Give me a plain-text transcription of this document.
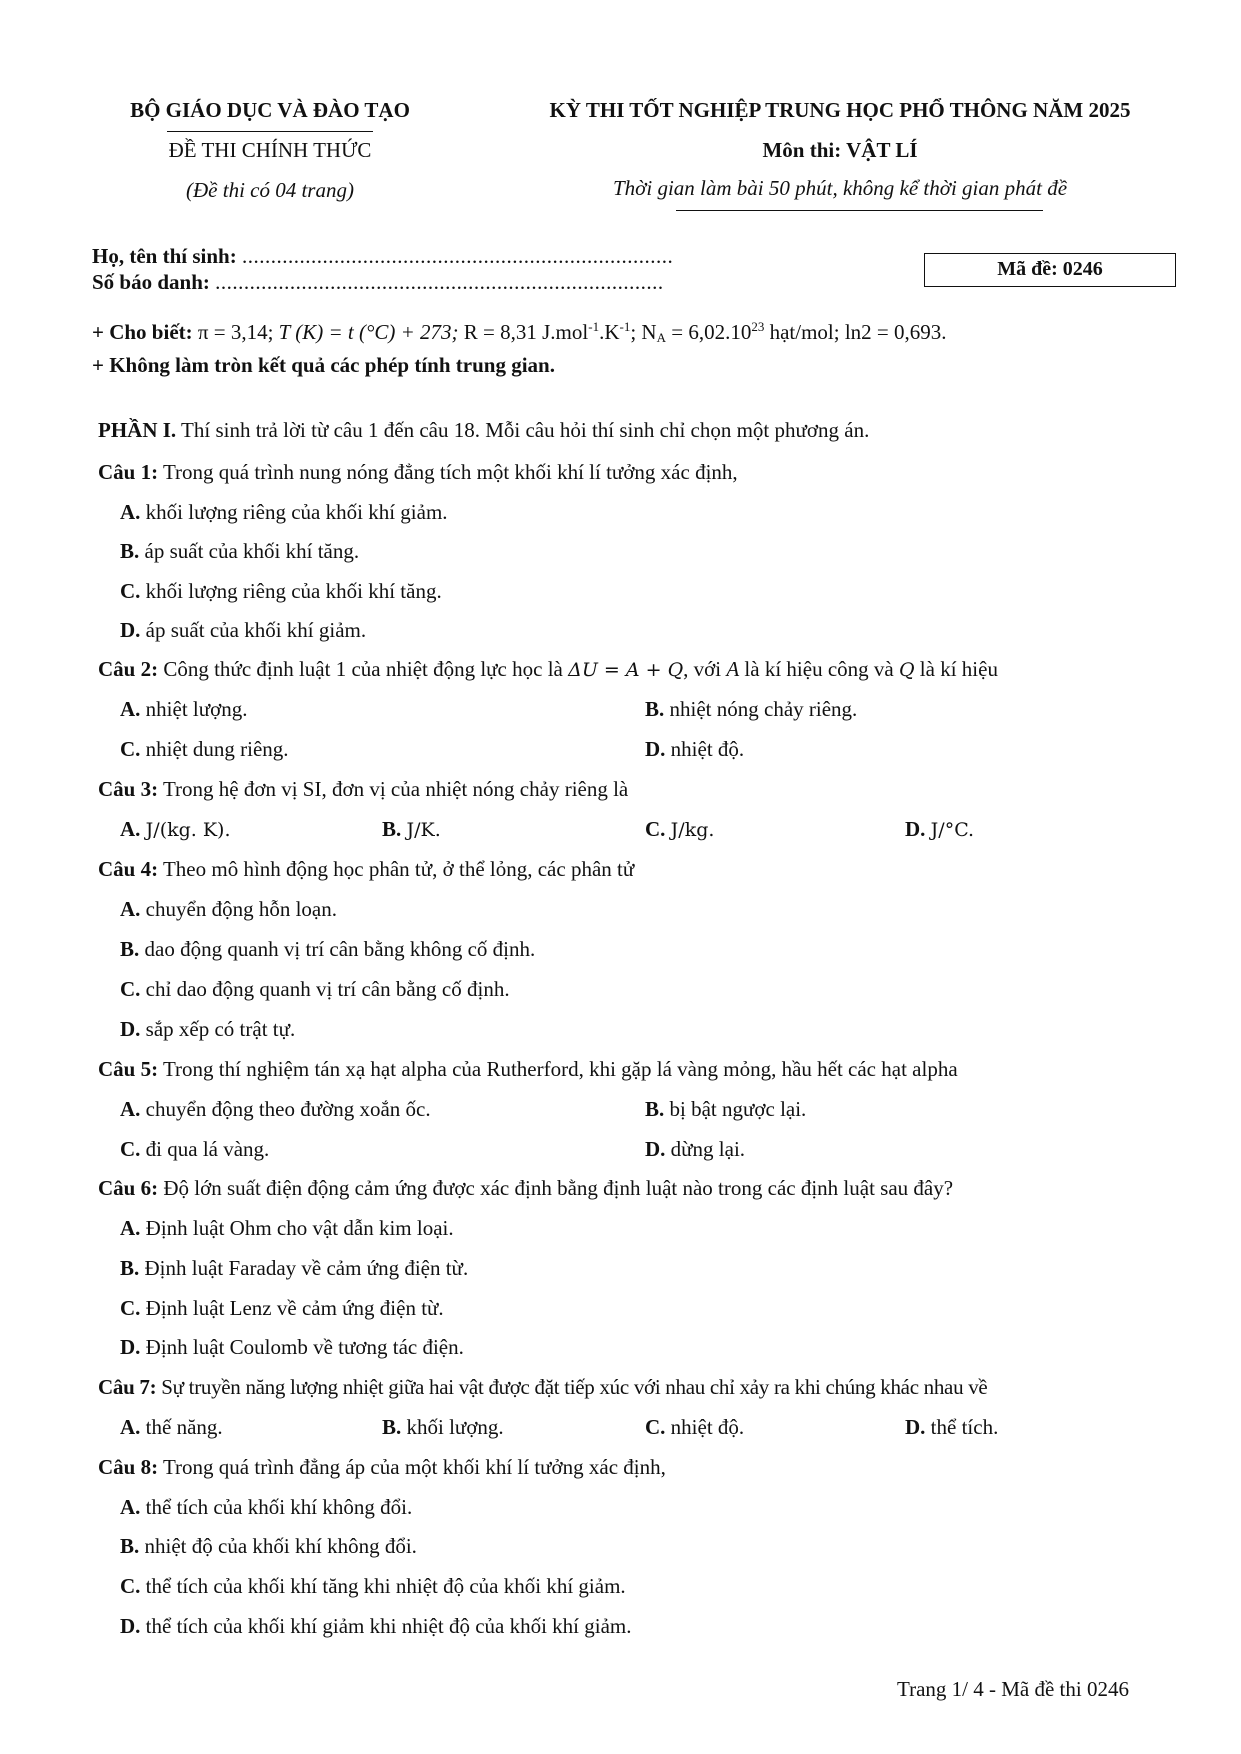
BỘ GIÁO DỤC VÀ ĐÀO TẠO
ĐỀ THI CHÍNH THỨC
(Đề thi có 04 trang)
KỲ THI TỐT NGHIỆP TRUNG HỌC PHỔ THÔNG NĂM 2025
Môn thi: VẬT LÍ
Thời gian làm bài 50 phút, không kể thời gian phát đề
Họ, tên thí sinh: ...........................................................................
Số báo danh: ..............................................................................
Mã đề: 0246
+ Cho biết: π = 3,14; T (K) = t (°C) + 273; R = 8,31 $J.mol^{-1}.K^{-1}$; $N_A = 6,02.10^{23}$ hạt/mol; ln2 = 0,693.
+ Không làm tròn kết quả các phép tính trung gian.
PHẦN I. Thí sinh trả lời từ câu 1 đến câu 18. Mỗi câu hỏi thí sinh chỉ chọn một phương án.
Câu 1: Trong quá trình nung nóng đẳng tích một khối khí lí tưởng xác định,
A. khối lượng riêng của khối khí giảm.
B. áp suất của khối khí tăng.
C. khối lượng riêng của khối khí tăng.
D. áp suất của khối khí giảm.
Câu 2: Công thức định luật 1 của nhiệt động lực học là ΔU = A + Q, với A là kí hiệu công và Q là kí hiệu
A. nhiệt lượng.	B. nhiệt nóng chảy riêng.
C. nhiệt dung riêng.	D. nhiệt độ.
Câu 3: Trong hệ đơn vị SI, đơn vị của nhiệt nóng chảy riêng là
A. J/(kg. K).	B. J/K.	C. J/kg.	D. J/°C.
Câu 4: Theo mô hình động học phân tử, ở thể lỏng, các phân tử
A. chuyển động hỗn loạn.
B. dao động quanh vị trí cân bằng không cố định.
C. chỉ dao động quanh vị trí cân bằng cố định.
D. sắp xếp có trật tự.
Câu 5: Trong thí nghiệm tán xạ hạt alpha của Rutherford, khi gặp lá vàng mỏng, hầu hết các hạt alpha
A. chuyển động theo đường xoắn ốc.	B. bị bật ngược lại.
C. đi qua lá vàng.	D. dừng lại.
Câu 6: Độ lớn suất điện động cảm ứng được xác định bằng định luật nào trong các định luật sau đây?
A. Định luật Ohm cho vật dẫn kim loại.
B. Định luật Faraday về cảm ứng điện từ.
C. Định luật Lenz về cảm ứng điện từ.
D. Định luật Coulomb về tương tác điện.
Câu 7: Sự truyền năng lượng nhiệt giữa hai vật được đặt tiếp xúc với nhau chỉ xảy ra khi chúng khác nhau về
A. thế năng.	B. khối lượng.	C. nhiệt độ.	D. thể tích.
Câu 8: Trong quá trình đẳng áp của một khối khí lí tưởng xác định,
A. thể tích của khối khí không đổi.
B. nhiệt độ của khối khí không đổi.
C. thể tích của khối khí tăng khi nhiệt độ của khối khí giảm.
D. thể tích của khối khí giảm khi nhiệt độ của khối khí giảm.
Trang 1/ 4 - Mã đề thi 0246
